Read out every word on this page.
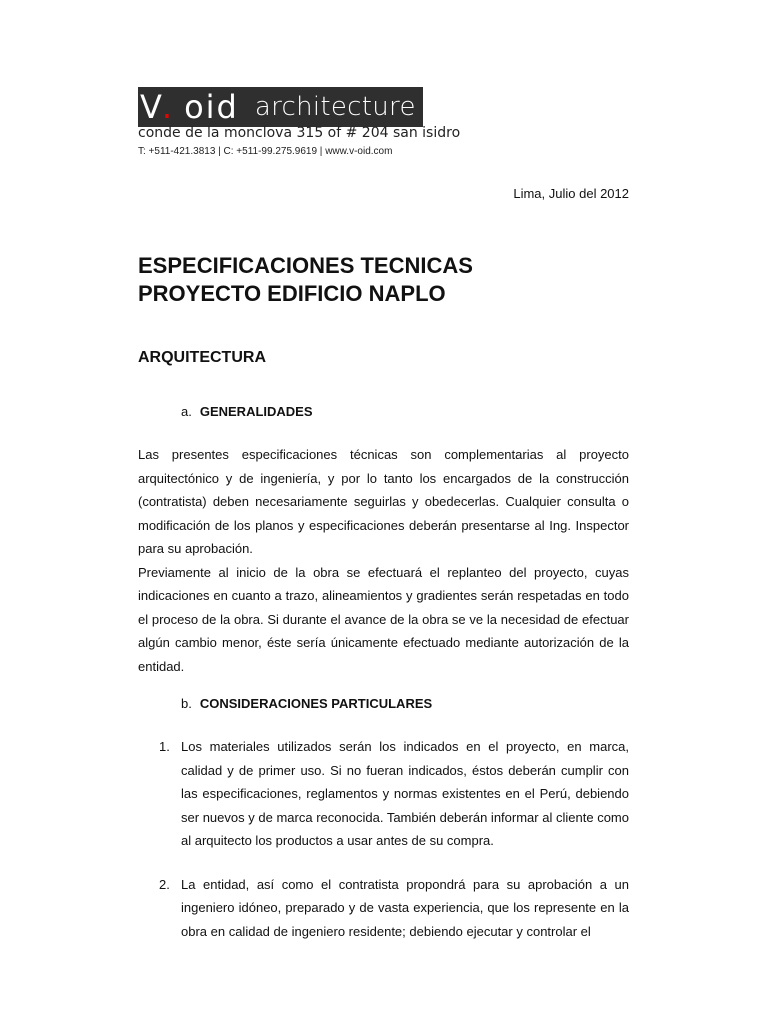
V . oid architecture
conde de la monclova 315 of # 204 san isidro
T: +511-421.3813 | C: +511-99.275.9619 | www.v-oid.com
Lima, Julio del 2012
ESPECIFICACIONES TECNICAS
PROYECTO EDIFICIO NAPLO
ARQUITECTURA
a. GENERALIDADES

Las presentes especificaciones técnicas son complementarias al proyecto arquitectónico y de ingeniería, y por lo tanto los encargados de la construcción (contratista) deben necesariamente seguirlas y obedecerlas. Cualquier consulta o modificación de los planos y especificaciones deberán presentarse al Ing. Inspector para su aprobación.

Previamente al inicio de la obra se efectuará el replanteo del proyecto, cuyas indicaciones en cuanto a trazo, alineamientos y gradientes serán respetadas en todo el proceso de la obra. Si durante el avance de la obra se ve la necesidad de efectuar algún cambio menor, éste sería únicamente efectuado mediante autorización de la entidad.

b. CONSIDERACIONES PARTICULARES
1. Los materiales utilizados serán los indicados en el proyecto, en marca, calidad y de primer uso. Si no fueran indicados, éstos deberán cumplir con las especificaciones, reglamentos y normas existentes en el Perú, debiendo ser nuevos y de marca reconocida. También deberán informar al cliente como al arquitecto los productos a usar antes de su compra.
2. La entidad, así como el contratista propondrá para su aprobación a un ingeniero idóneo, preparado y de vasta experiencia, que los represente en la obra en calidad de ingeniero residente; debiendo ejecutar y controlar el
